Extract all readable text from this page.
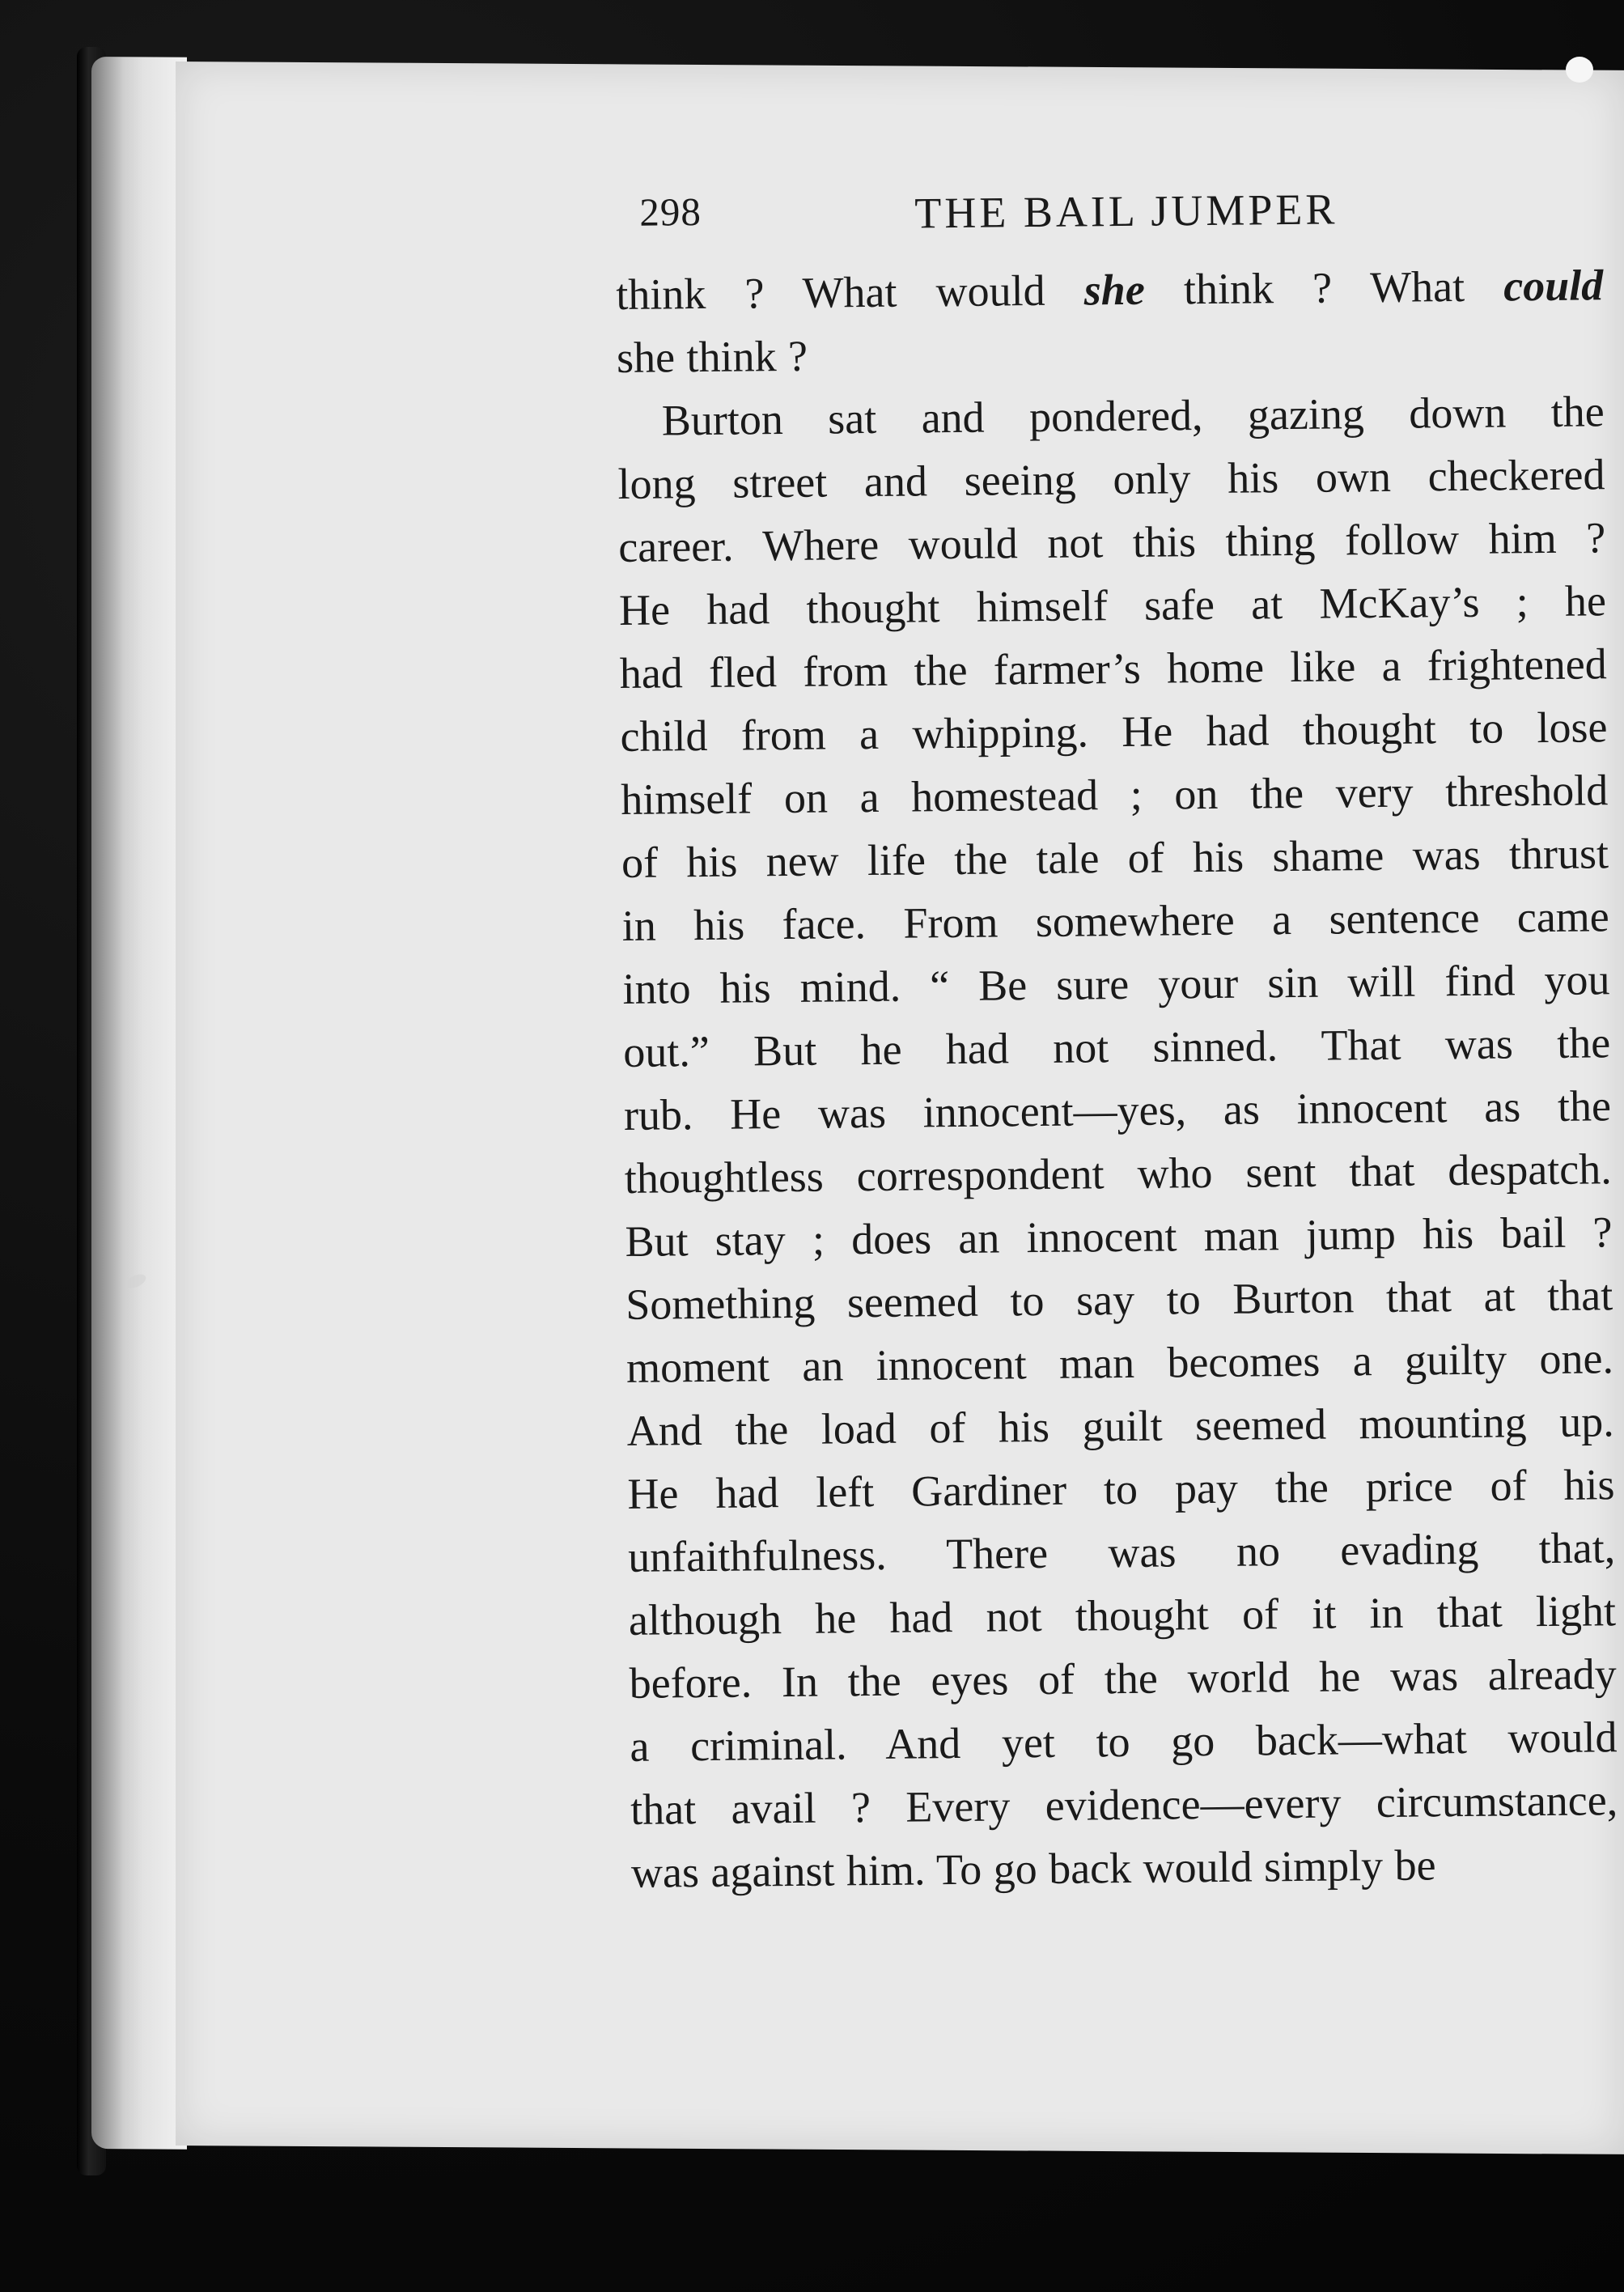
298	THE BAIL JUMPER
think ? What would she think ? What could
she think ?
Burton sat and pondered, gazing down the
long street and seeing only his own checkered
career. Where would not this thing follow him ?
He had thought himself safe at McKay’s ; he
had fled from the farmer’s home like a frightened
child from a whipping. He had thought to lose
himself on a homestead ; on the very threshold
of his new life the tale of his shame was thrust
in his face. From somewhere a sentence came
into his mind. “ Be sure your sin will find you
out.” But he had not sinned. That was the
rub. He was innocent—yes, as innocent as the
thoughtless correspondent who sent that despatch.
But stay ; does an innocent man jump his bail ?
Something seemed to say to Burton that at that
moment an innocent man becomes a guilty one.
And the load of his guilt seemed mounting up.
He had left Gardiner to pay the price of his
unfaithfulness. There was no evading that,
although he had not thought of it in that light
before. In the eyes of the world he was already
a criminal. And yet to go back—what would
that avail ? Every evidence—every circumstance,
was against him. To go back would simply be
